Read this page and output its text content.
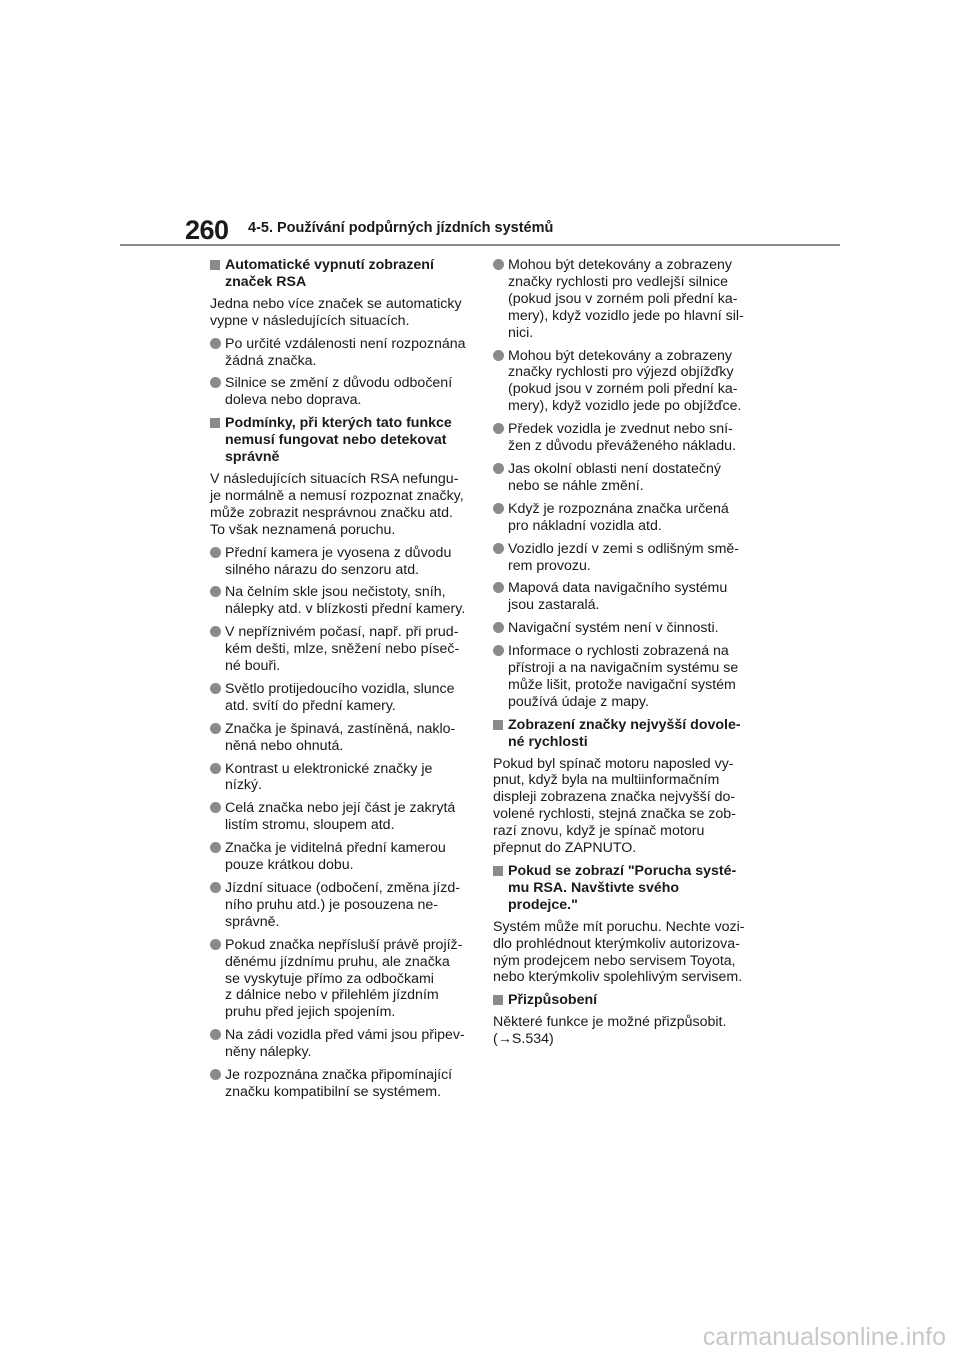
260 4-5. Používání podpůrných jízdních systémů
Automatické vypnutí zobrazení
značek RSA
Jedna nebo více značek se automaticky
vypne v následujících situacích.
Po určité vzdálenosti není rozpoznána
žádná značka.
Silnice se změní z důvodu odbočení
doleva nebo doprava.
Podmínky, při kterých tato funkce
nemusí fungovat nebo detekovat
správně
V následujících situacích RSA nefungu-
je normálně a nemusí rozpoznat značky,
může zobrazit nesprávnou značku atd.
To však neznamená poruchu.
Přední kamera je vyosena z důvodu
silného nárazu do senzoru atd.
Na čelním skle jsou nečistoty, sníh,
nálepky atd. v blízkosti přední kamery.
V nepříznivém počasí, např. při prud-
kém dešti, mlze, sněžení nebo píseč-
né bouři.
Světlo protijedoucího vozidla, slunce
atd. svítí do přední kamery.
Značka je špinavá, zastíněná, naklo-
něná nebo ohnutá.
Kontrast u elektronické značky je
nízký.
Celá značka nebo její část je zakrytá
listím stromu, sloupem atd.
Značka je viditelná přední kamerou
pouze krátkou dobu.
Jízdní situace (odbočení, změna jízd-
ního pruhu atd.) je posouzena ne-
správně.
Pokud značka nepřísluší právě projíž-
děnému jízdnímu pruhu, ale značka
se vyskytuje přímo za odbočkami
z dálnice nebo v přilehlém jízdním
pruhu před jejich spojením.
Na zádi vozidla před vámi jsou připev-
něny nálepky.
Je rozpoznána značka připomínající
značku kompatibilní se systémem.
Mohou být detekovány a zobrazeny
značky rychlosti pro vedlejší silnice
(pokud jsou v zorném poli přední ka-
mery), když vozidlo jede po hlavní sil-
nici.
Mohou být detekovány a zobrazeny
značky rychlosti pro výjezd objížďky
(pokud jsou v zorném poli přední ka-
mery), když vozidlo jede po objížďce.
Předek vozidla je zvednut nebo sní-
žen z důvodu převáženého nákladu.
Jas okolní oblasti není dostatečný
nebo se náhle změní.
Když je rozpoznána značka určená
pro nákladní vozidla atd.
Vozidlo jezdí v zemi s odlišným smě-
rem provozu.
Mapová data navigačního systému
jsou zastaralá.
Navigační systém není v činnosti.
Informace o rychlosti zobrazená na
přístroji a na navigačním systému se
může lišit, protože navigační systém
používá údaje z mapy.
Zobrazení značky nejvyšší dovole-
né rychlosti
Pokud byl spínač motoru naposled vy-
pnut, když byla na multiinformačním
displeji zobrazena značka nejvyšší do-
volené rychlosti, stejná značka se zob-
razí znovu, když je spínač motoru
přepnut do ZAPNUTO.
Pokud se zobrazí "Porucha systé-
mu RSA. Navštivte svého prodejce."
Systém může mít poruchu. Nechte vozi-
dlo prohlédnout kterýmkoliv autorizova-
ným prodejcem nebo servisem Toyota,
nebo kterýmkoliv spolehlivým servisem.
Přizpůsobení
Některé funkce je možné přizpůsobit.
(→S.534)
carmanualsonline.info
